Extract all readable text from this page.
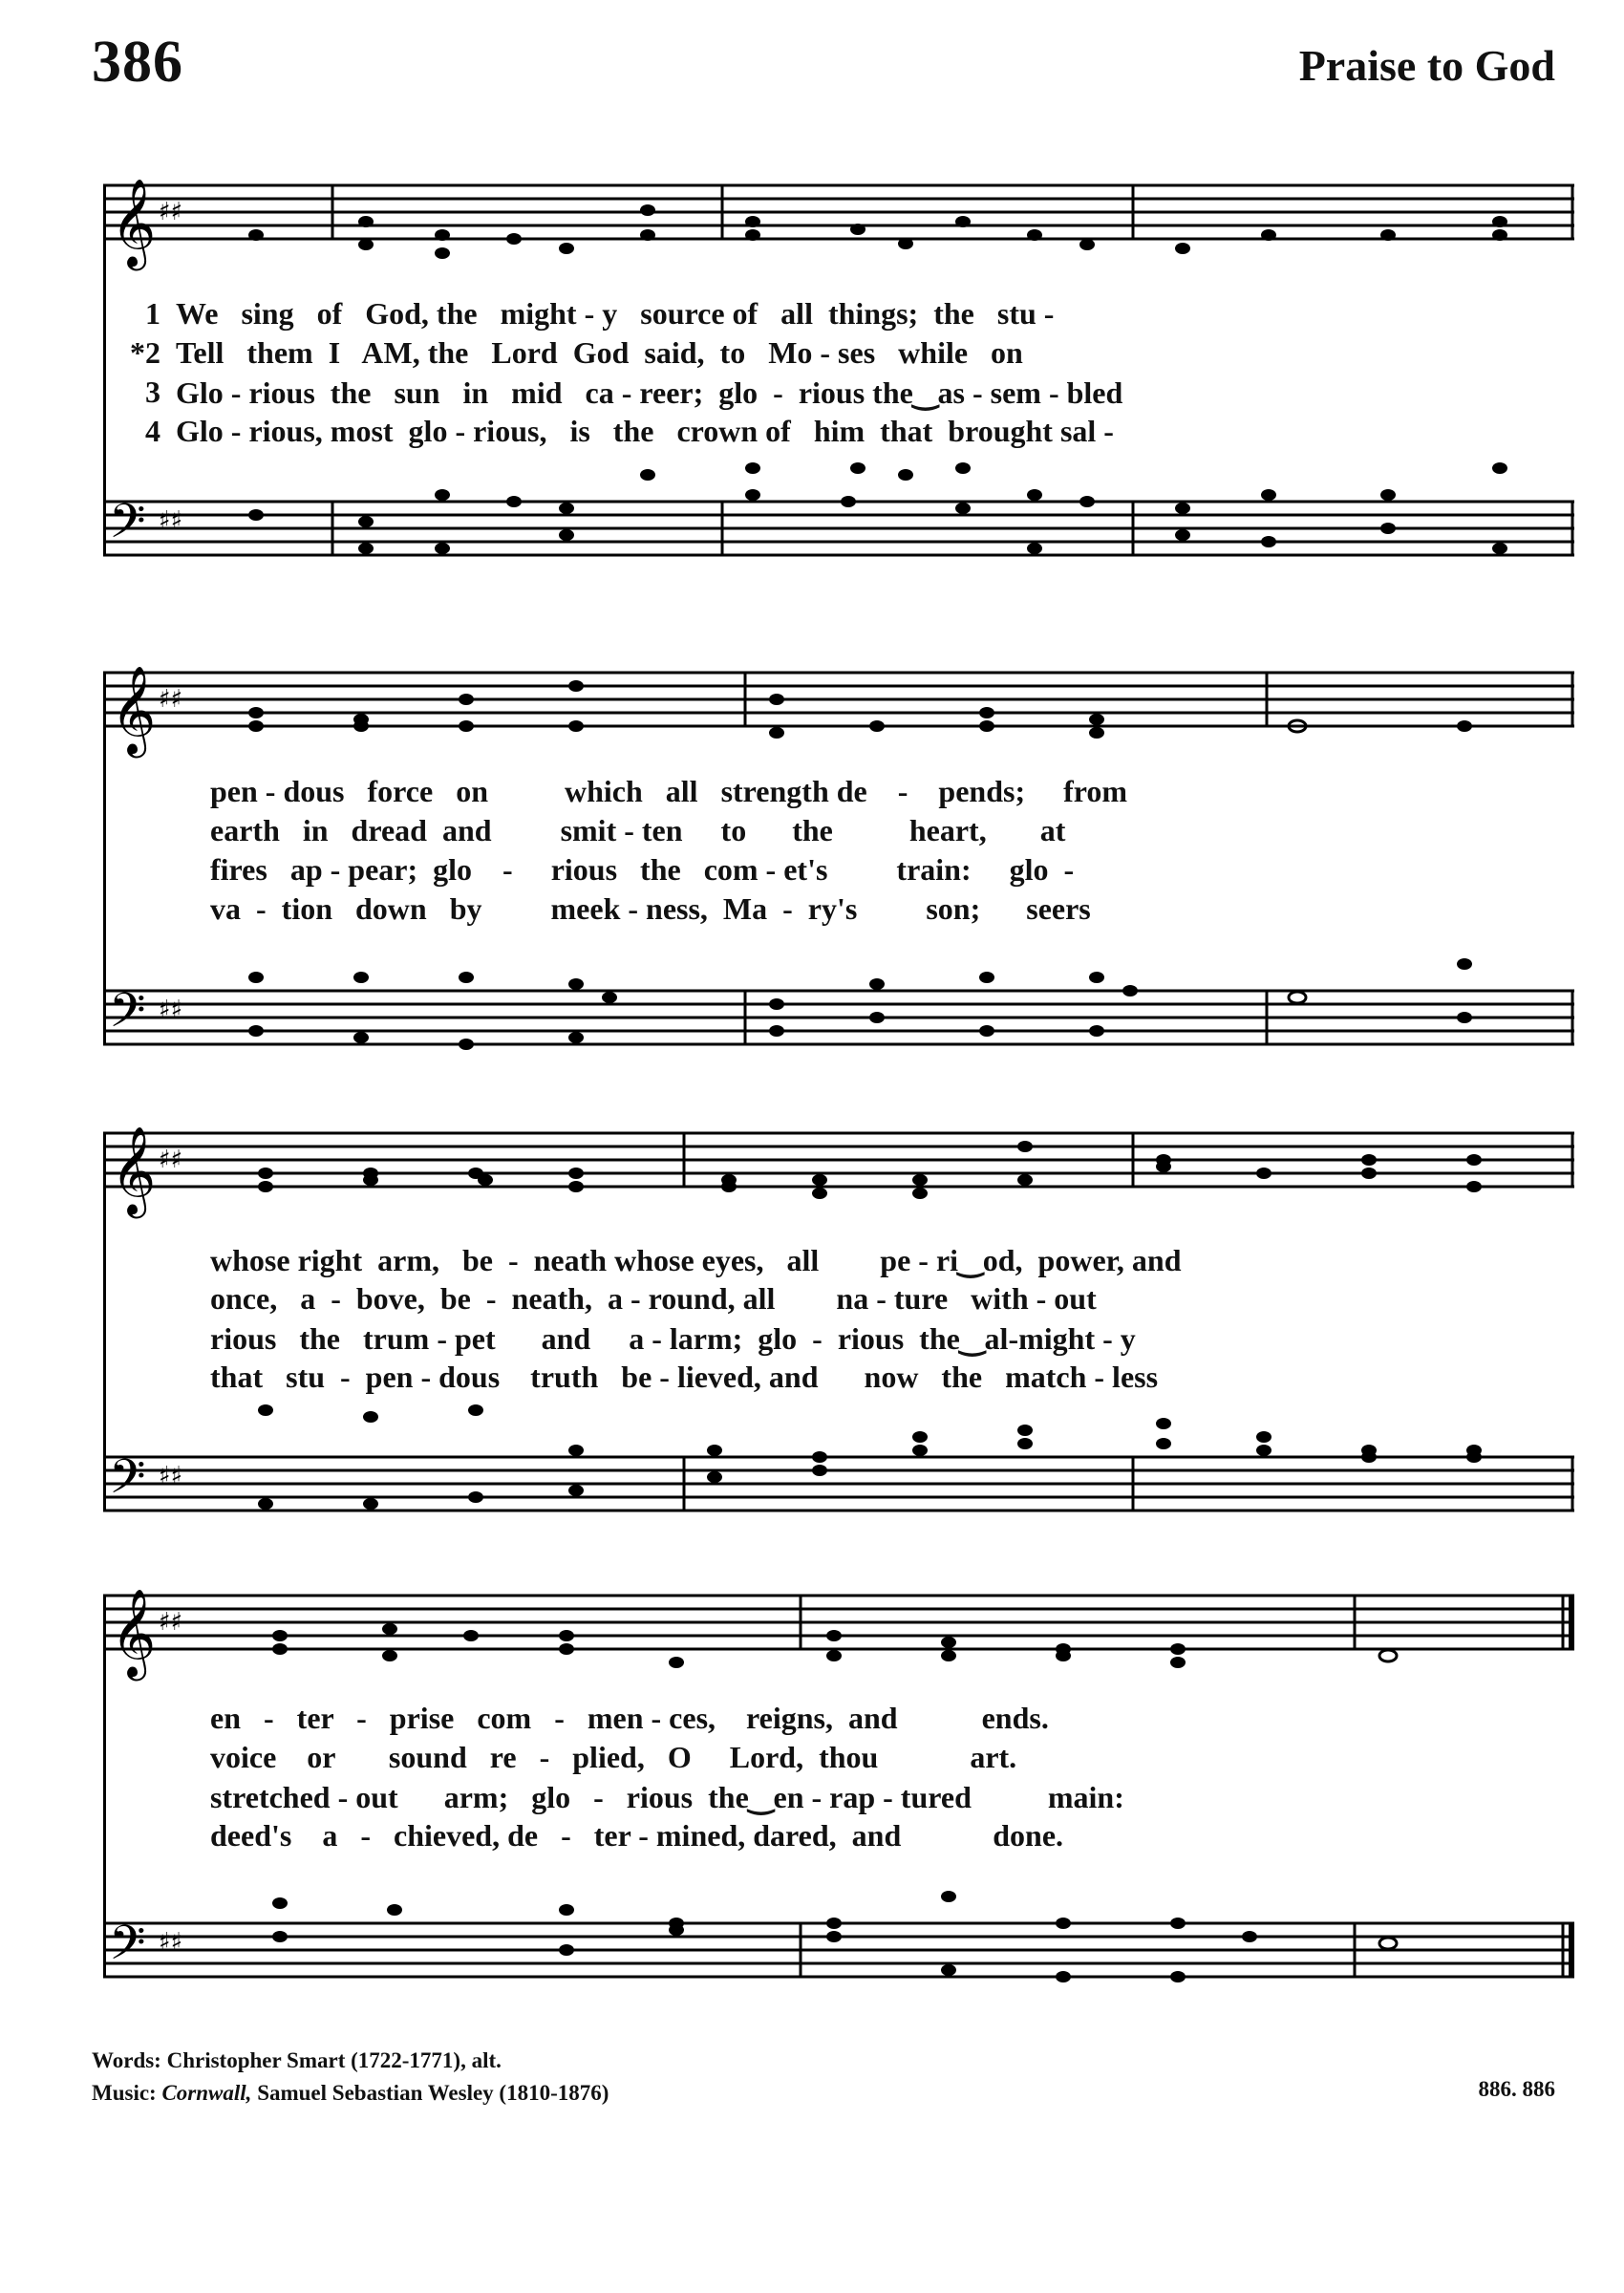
386	Praise to God
𝄞 ♯♯
𝄢 ♯♯
1 We   sing   of   God, the   might - y   source of   all  things;  the   stu -
*2 Tell   them  I   AM, the   Lord  God  said,  to   Mo - ses   while   on
3 Glo - rious  the   sun   in   mid   ca - reer;  glo  -  rious the‿as - sem - bled
4 Glo - rious, most  glo - rious,   is   the   crown of   him  that  brought sal -
𝄞 ♯♯
𝄢 ♯♯
pen - dous   force   on          which   all   strength de    -    pends;     from
earth   in   dread  and         smit - ten     to      the          heart,       at
fires   ap - pear;  glo    -     rious   the   com - et's         train:     glo  -
va  -  tion   down   by         meek - ness,  Ma  -  ry's         son;      seers
𝄞 ♯♯
𝄢 ♯♯
whose right  arm,   be  -  neath whose eyes,   all        pe - ri‿od,  power, and
once,   a  -  bove,  be  -  neath,  a - round, all        na - ture   with - out
rious   the   trum - pet      and     a - larm;  glo  -  rious  the‿al-might - y
that   stu  -  pen - dous    truth   be - lieved, and      now   the   match - less
𝄞 ♯♯
𝄢 ♯♯
en   -   ter   -   prise   com   -   men - ces,    reigns,  and           ends.
voice    or       sound   re   -   plied,   O     Lord,  thou            art.
stretched - out      arm;   glo   -   rious  the‿en - rap - tured          main:
deed's    a   -   chieved, de   -   ter - mined, dared,  and            done.
Words: Christopher Smart (1722-1771), alt.
Music: Cornwall, Samuel Sebastian Wesley (1810-1876)	886. 886
